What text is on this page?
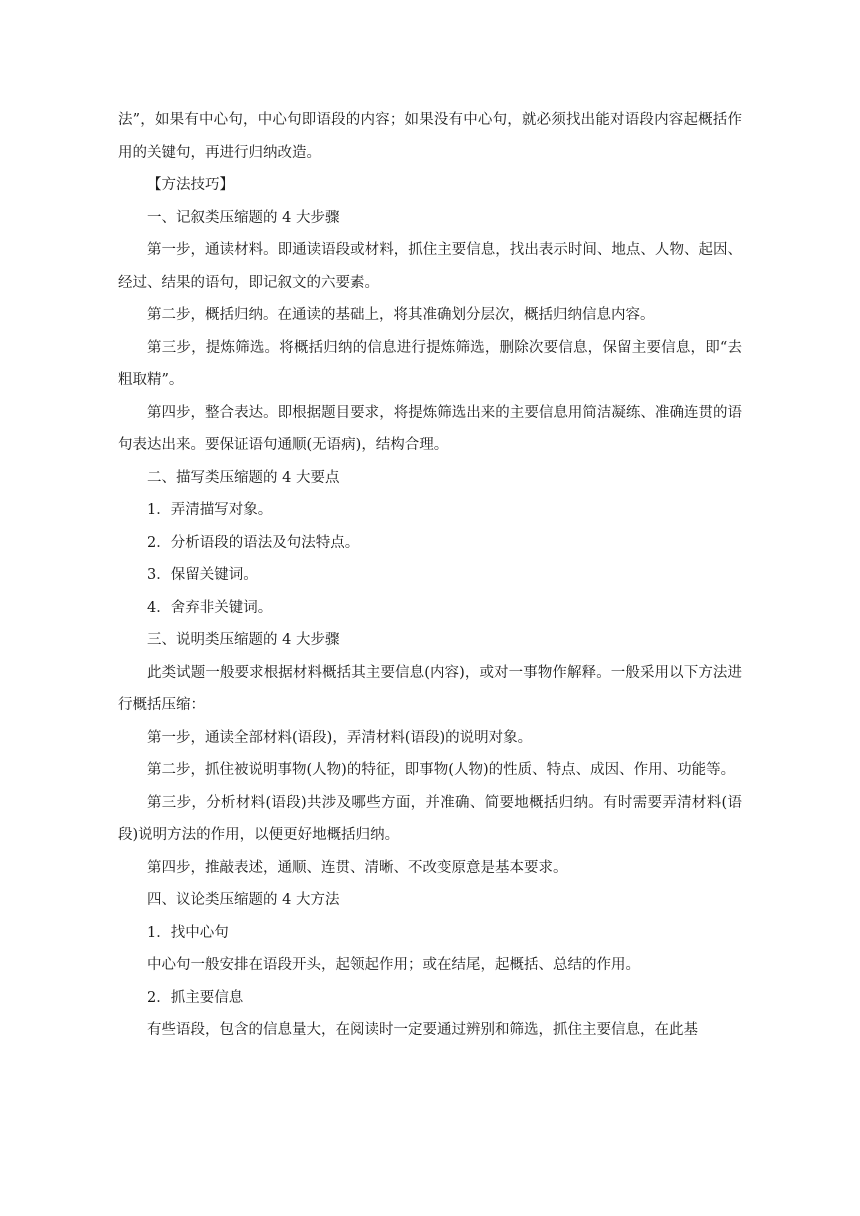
法”，如果有中心句，中心句即语段的内容；如果没有中心句，就必须找出能对语段内容起概括作用的关键句，再进行归纳改造。

【方法技巧】

一、记叙类压缩题的 4 大步骤

第一步，通读材料。即通读语段或材料，抓住主要信息，找出表示时间、地点、人物、起因、经过、结果的语句，即记叙文的六要素。

第二步，概括归纳。在通读的基础上，将其准确划分层次，概括归纳信息内容。

第三步，提炼筛选。将概括归纳的信息进行提炼筛选，删除次要信息，保留主要信息，即“去粗取精”。

第四步，整合表达。即根据题目要求，将提炼筛选出来的主要信息用简洁凝练、准确连贯的语句表达出来。要保证语句通顺(无语病)，结构合理。

二、描写类压缩题的 4 大要点

1．弄清描写对象。

2．分析语段的语法及句法特点。

3．保留关键词。

4．舍弃非关键词。

三、说明类压缩题的 4 大步骤

此类试题一般要求根据材料概括其主要信息(内容)，或对一事物作解释。一般采用以下方法进行概括压缩：

第一步，通读全部材料(语段)，弄清材料(语段)的说明对象。

第二步，抓住被说明事物(人物)的特征，即事物(人物)的性质、特点、成因、作用、功能等。

第三步，分析材料(语段)共涉及哪些方面，并准确、简要地概括归纳。有时需要弄清材料(语段)说明方法的作用，以便更好地概括归纳。

第四步，推敲表述，通顺、连贯、清晰、不改变原意是基本要求。

四、议论类压缩题的 4 大方法

1．找中心句

中心句一般安排在语段开头，起领起作用；或在结尾，起概括、总结的作用。

2．抓主要信息

有些语段，包含的信息量大，在阅读时一定要通过辨别和筛选，抓住主要信息，在此基
